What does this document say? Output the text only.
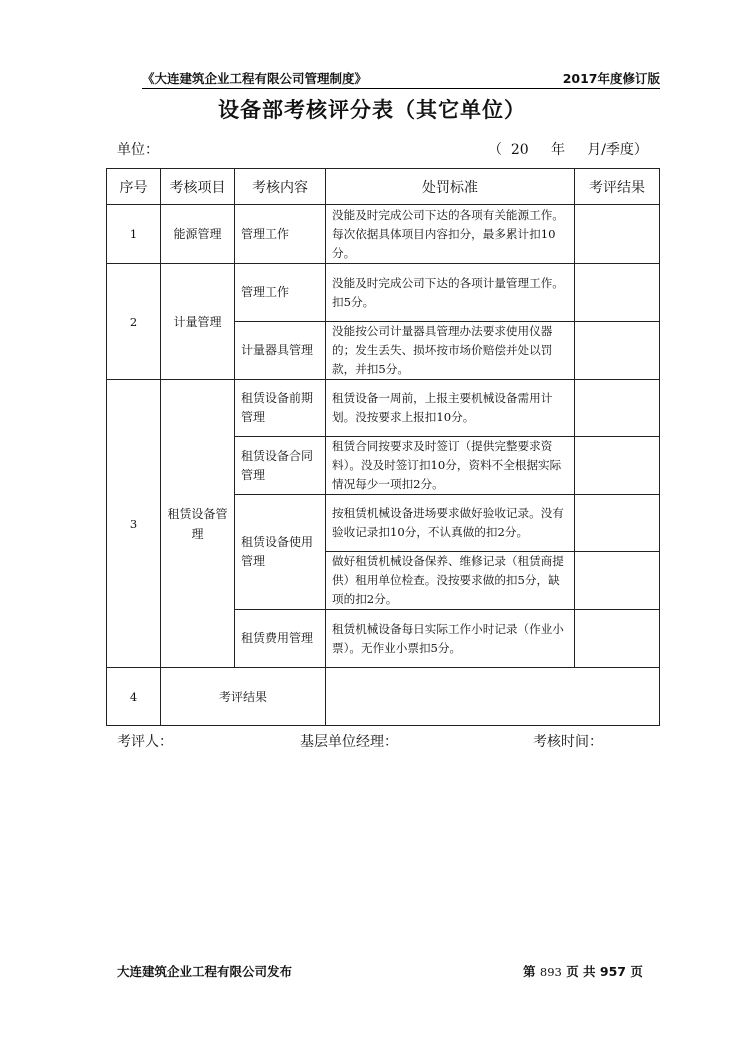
《大连建筑企业工程有限公司管理制度》	2017年度修订版
设备部考核评分表（其它单位）
单位：	（  20     年     月/季度）
序号	考核项目	考核内容	处罚标准	考评结果
1	能源管理	管理工作	没能及时完成公司下达的各项有关能源工作。每次依据具体项目内容扣分，最多累计扣10分。	
2	计量管理	管理工作	没能及时完成公司下达的各项计量管理工作。扣5分。	
		计量器具管理	没能按公司计量器具管理办法要求使用仪器的；发生丢失、损坏按市场价赔偿并处以罚款，并扣5分。	
3	租赁设备管理	租赁设备前期管理	租赁设备一周前，上报主要机械设备需用计划。没按要求上报扣10分。	
		租赁设备合同管理	租赁合同按要求及时签订（提供完整要求资料）。没及时签订扣10分，资料不全根据实际情况每少一项扣2分。	
		租赁设备使用管理	按租赁机械设备进场要求做好验收记录。没有验收记录扣10分，不认真做的扣2分。	
			做好租赁机械设备保养、维修记录（租赁商提供）租用单位检查。没按要求做的扣5分，缺项的扣2分。	
		租赁费用管理	租赁机械设备每日实际工作小时记录（作业小票）。无作业小票扣5分。	
4	考评结果			
考评人：	基层单位经理：	考核时间：
大连建筑企业工程有限公司发布	第 893 页 共 957 页
